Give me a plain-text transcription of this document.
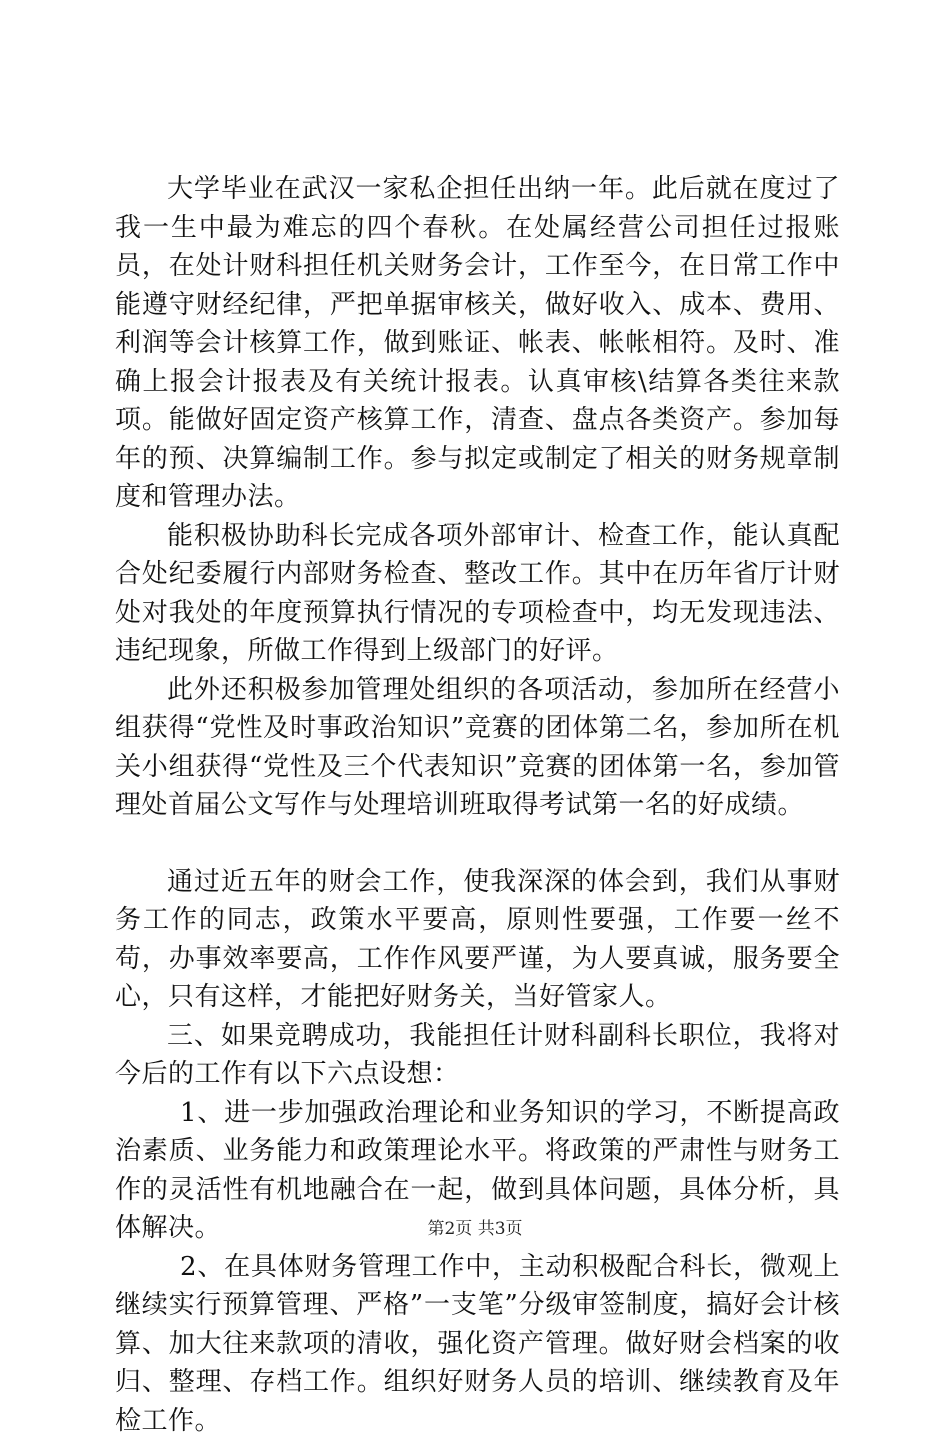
大学毕业在武汉一家私企担任出纳一年。此后就在度过了我一生中最为难忘的四个春秋。在处属经营公司担任过报账员，在处计财科担任机关财务会计，工作至今，在日常工作中能遵守财经纪律，严把单据审核关，做好收入、成本、费用、利润等会计核算工作，做到账证、帐表、帐帐相符。及时、准确上报会计报表及有关统计报表。认真审核\结算各类往来款项。能做好固定资产核算工作，清查、盘点各类资产。参加每年的预、决算编制工作。参与拟定或制定了相关的财务规章制度和管理办法。

能积极协助科长完成各项外部审计、检查工作，能认真配合处纪委履行内部财务检查、整改工作。其中在历年省厅计财处对我处的年度预算执行情况的专项检查中，均无发现违法、违纪现象，所做工作得到上级部门的好评。

此外还积极参加管理处组织的各项活动，参加所在经营小组获得“党性及时事政治知识”竞赛的团体第二名，参加所在机关小组获得“党性及三个代表知识”竞赛的团体第一名，参加管理处首届公文写作与处理培训班取得考试第一名的好成绩。

通过近五年的财会工作，使我深深的体会到，我们从事财务工作的同志，政策水平要高，原则性要强，工作要一丝不苟，办事效率要高，工作作风要严谨，为人要真诚，服务要全心，只有这样，才能把好财务关，当好管家人。

三、如果竞聘成功，我能担任计财科副科长职位，我将对今后的工作有以下六点设想：

1、进一步加强政治理论和业务知识的学习，不断提高政治素质、业务能力和政策理论水平。将政策的严肃性与财务工作的灵活性有机地融合在一起，做到具体问题，具体分析，具体解决。

2、在具体财务管理工作中，主动积极配合科长，微观上继续实行预算管理、严格”一支笔”分级审签制度，搞好会计核算、加大往来款项的清收，强化资产管理。做好财会档案的收归、整理、存档工作。组织好财务人员的培训、继续教育及年检工作。

第2页 共3页
